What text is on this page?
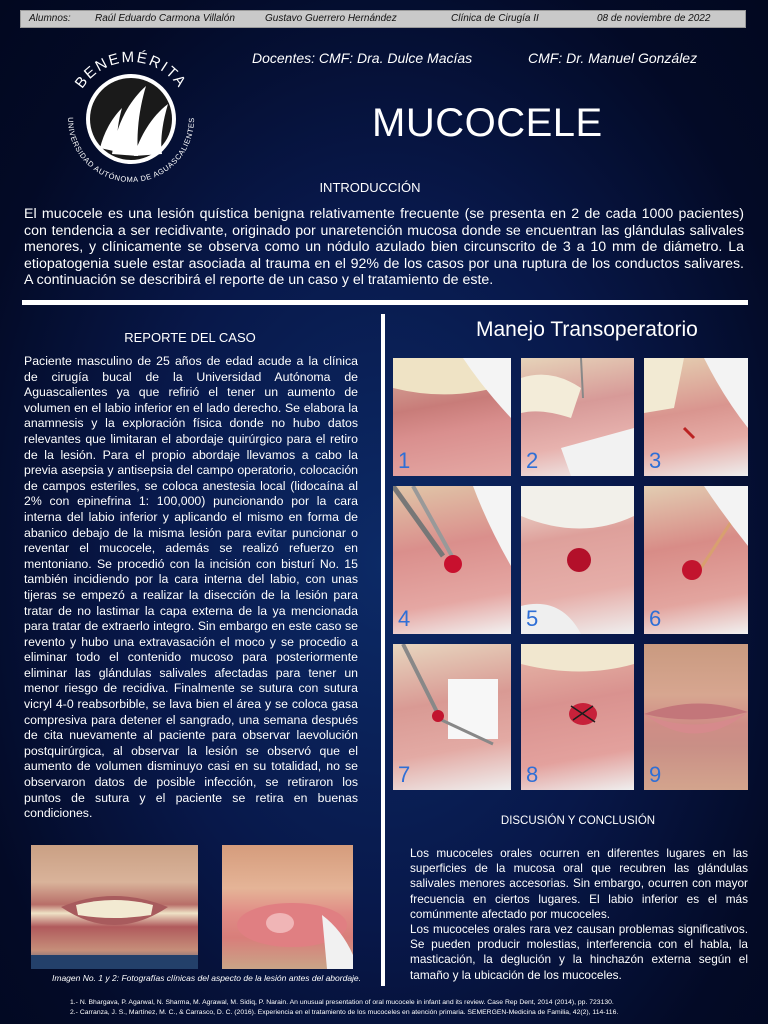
Alumnos: Raúl Eduardo Carmona Villalón	Gustavo Guerrero Hernández	Clínica de Cirugía II	08 de noviembre de 2022
BENEMÉRITA
UNIVERSIDAD AUTÓNOMA DE AGUASCALIENTES
Docentes: CMF: Dra. Dulce Macías	CMF: Dr. Manuel González
MUCOCELE
INTRODUCCIÓN
El mucocele es una lesión quística benigna relativamente frecuente (se presenta en 2 de cada 1000 pacientes) con tendencia a ser recidivante, originado por unaretención mucosa donde se encuentran las glándulas salivales menores, y clínicamente se observa como un nódulo azulado bien circunscrito de 3 a 10 mm de diámetro. La etiopatogenia suele estar asociada al trauma en el 92% de los casos por una ruptura de los conductos salivares. A continuación se describirá el reporte de un caso y el tratamiento de este.
REPORTE DEL CASO
Paciente masculino de 25 años de edad acude a la clínica de cirugía bucal de la Universidad Autónoma de Aguascalientes ya que refirió el tener un aumento de volumen en el labio inferior en el lado derecho. Se elabora la anamnesis y la exploración física donde no hubo datos relevantes que limitaran el abordaje quirúrgico para el retiro de la lesión. Para el propio abordaje llevamos a cabo la previa asepsia y antisepsia del campo operatorio, colocación de campos esteriles, se coloca anestesia local (lidocaína al 2% con epinefrina 1: 100,000) puncionando por la cara interna del labio inferior y aplicando el mismo en forma de abanico debajo de la misma lesión para evitar puncionar o reventar el mucocele, además se realizó refuerzo en mentoniano. Se procedió con la incisión con bisturí No. 15 también incidiendo por la cara interna del labio, con unas tijeras se empezó a realizar la disección de la lesión para tratar de no lastimar la capa externa de la ya mencionada para tratar de extraerlo integro. Sin embargo en este caso se revento y hubo una extravasación el moco y se procedio a eliminar todo el contenido mucoso para posteriormente eliminar las glándulas salivales afectadas para tener un menor riesgo de recidiva. Finalmente se sutura con sutura vicryl 4-0 reabsorbible, se lava bien el área y se coloca gasa compresiva para detener el sangrado, una semana después de cita nuevamente al paciente para observar laevolución postquirúrgica, al observar la lesión se observó que el aumento de volumen disminuyo casi en su totalidad, no se observaron datos de posible infección, se retiraron los puntos de sutura y el paciente se retira en buenas condiciones.
Imagen No. 1 y 2: Fotografías clínicas del aspecto de la lesión antes del abordaje.
Manejo Transoperatorio
1	2	3
4	5	6
7	8	9
DISCUSIÓN Y CONCLUSIÓN
Los mucoceles orales ocurren en diferentes lugares en las superficies de la mucosa oral que recubren las glándulas salivales menores accesorias. Sin embargo, ocurren con mayor frecuencia en ciertos lugares. El labio inferior es el más comúnmente afectado por mucoceles.
Los mucoceles orales rara vez causan problemas significativos. Se pueden producir molestias, interferencia con el habla, la masticación, la deglución y la hinchazón externa según el tamaño y la ubicación de los mucoceles.
1.- N. Bhargava, P. Agarwal, N. Sharma, M. Agrawal, M. Sidiq, P. Narain. An unusual presentation of oral mucocele in infant and its review. Case Rep Dent, 2014 (2014), pp. 723130.
2.- Carranza, J. S., Martínez, M. C., & Carrasco, D. C. (2016). Experiencia en el tratamiento de los mucoceles en atención primaria. SEMERGEN-Medicina de Familia, 42(2), 114-116.
